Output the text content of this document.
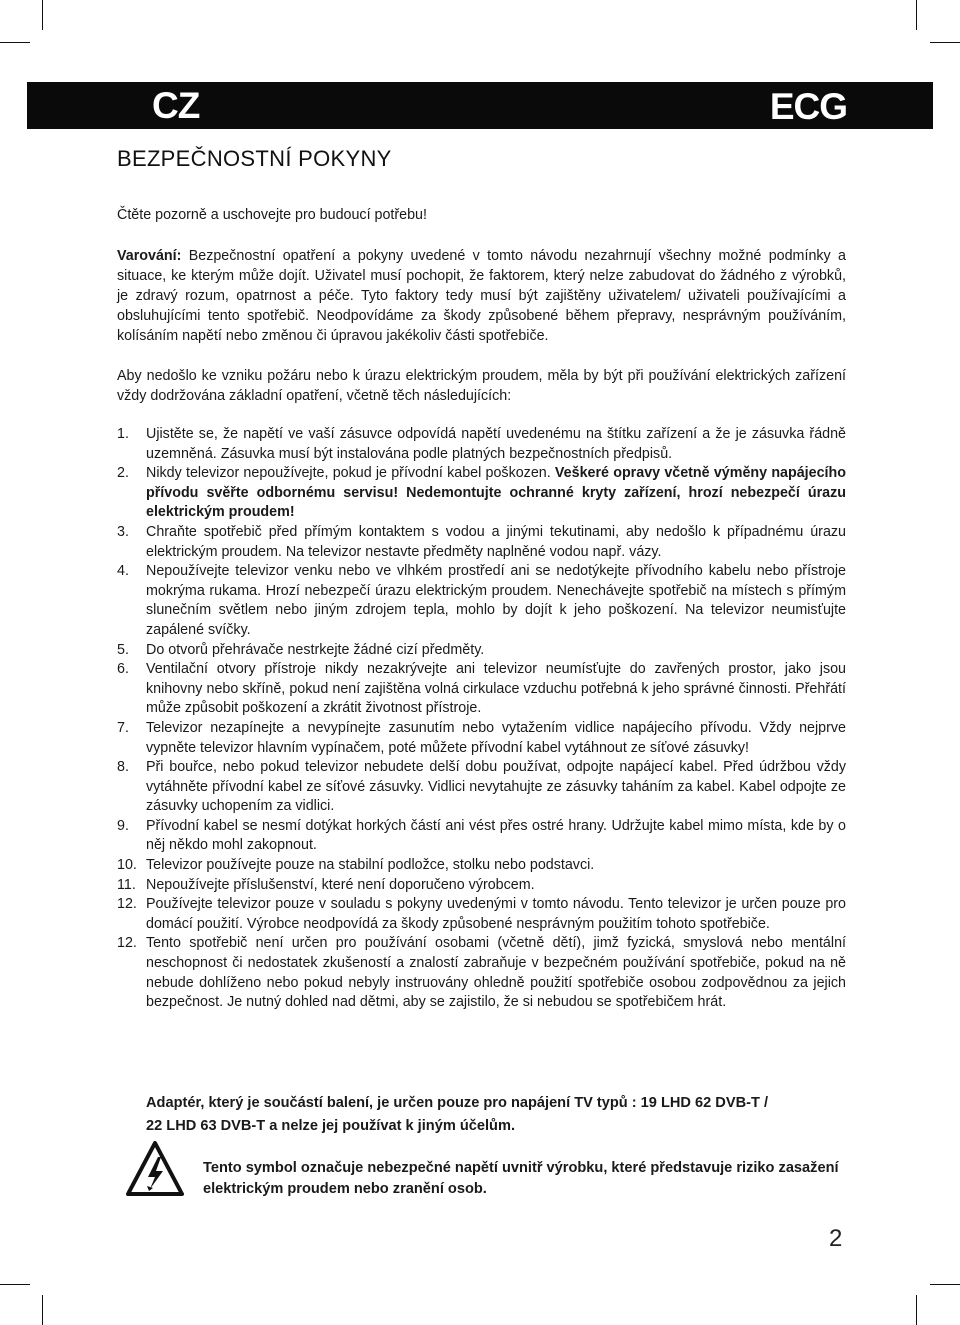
CZ	ECG
BEZPEČNOSTNÍ POKYNY
Čtěte pozorně a uschovejte pro budoucí potřebu!
Varování: Bezpečnostní opatření a pokyny uvedené v tomto návodu nezahrnují všechny možné podmínky a situace, ke kterým může dojít. Uživatel musí pochopit, že faktorem, který nelze zabudovat do žádného z výrobků, je zdravý rozum, opatrnost a péče. Tyto faktory tedy musí být zajištěny uživatelem/ uživateli používajícími a obsluhujícími tento spotřebič. Neodpovídáme za škody způsobené během přepravy, nesprávným používáním, kolísáním napětí nebo změnou či úpravou jakékoliv části spotřebiče.
Aby nedošlo ke vzniku požáru nebo k úrazu elektrickým proudem, měla by být při používání elektrických zařízení vždy dodržována základní opatření, včetně těch následujících:
1. Ujistěte se, že napětí ve vaší zásuvce odpovídá napětí uvedenému na štítku zařízení a že je zásuvka řádně uzemněná. Zásuvka musí být instalována podle platných bezpečnostních předpisů.
2. Nikdy televizor nepoužívejte, pokud je přívodní kabel poškozen. Veškeré opravy včetně výměny napájecího přívodu svěřte odbornému servisu! Nedemontujte ochranné kryty zařízení, hrozí nebezpečí úrazu elektrickým proudem!
3. Chraňte spotřebič před přímým kontaktem s vodou a jinými tekutinami, aby nedošlo k případnému úrazu elektrickým proudem. Na televizor nestavte předměty naplněné vodou např. vázy.
4. Nepoužívejte televizor venku nebo ve vlhkém prostředí ani se nedotýkejte přívodního kabelu nebo přístroje mokrýma rukama. Hrozí nebezpečí úrazu elektrickým proudem. Nenechávejte spotřebič na místech s přímým slunečním světlem nebo jiným zdrojem tepla, mohlo by dojít k jeho poškození. Na televizor neumisťujte zapálené svíčky.
5. Do otvorů přehrávače nestrkejte žádné cizí předměty.
6. Ventilační otvory přístroje nikdy nezakrývejte ani televizor neumísťujte do zavřených prostor, jako jsou knihovny nebo skříně, pokud není zajištěna volná cirkulace vzduchu potřebná k jeho správné činnosti. Přehřátí může způsobit poškození a zkrátit životnost přístroje.
7. Televizor nezapínejte a nevypínejte zasunutím nebo vytažením vidlice napájecího přívodu. Vždy nejprve vypněte televizor hlavním vypínačem, poté můžete přívodní kabel vytáhnout ze síťové zásuvky!
8. Při bouřce, nebo pokud televizor nebudete delší dobu používat, odpojte napájecí kabel. Před údržbou vždy vytáhněte přívodní kabel ze síťové zásuvky. Vidlici nevytahujte ze zásuvky taháním za kabel. Kabel odpojte ze zásuvky uchopením za vidlici.
9. Přívodní kabel se nesmí dotýkat horkých částí ani vést přes ostré hrany. Udržujte kabel mimo místa, kde by o něj někdo mohl zakopnout.
10. Televizor používejte pouze na stabilní podložce, stolku nebo podstavci.
11. Nepoužívejte příslušenství, které není doporučeno výrobcem.
12. Používejte televizor pouze v souladu s pokyny uvedenými v tomto návodu. Tento televizor je určen pouze pro domácí použití. Výrobce neodpovídá za škody způsobené nesprávným použitím tohoto spotřebiče.
12. Tento spotřebič není určen pro používání osobami (včetně dětí), jimž fyzická, smyslová nebo mentální neschopnost či nedostatek zkušeností a znalostí zabraňuje v bezpečném používání spotřebiče, pokud na ně nebude dohlíženo nebo pokud nebyly instruovány ohledně použití spotřebiče osobou zodpovědnou za jejich bezpečnost. Je nutný dohled nad dětmi, aby se zajistilo, že si nebudou se spotřebičem hrát.
Adaptér, který je součástí balení, je určen pouze pro napájení TV typů : 19 LHD 62 DVB-T /
22 LHD 63 DVB-T a nelze jej používat k jiným účelům.
Tento symbol označuje nebezpečné napětí uvnitř výrobku, které představuje riziko zasažení elektrickým proudem nebo zranění osob.
2
